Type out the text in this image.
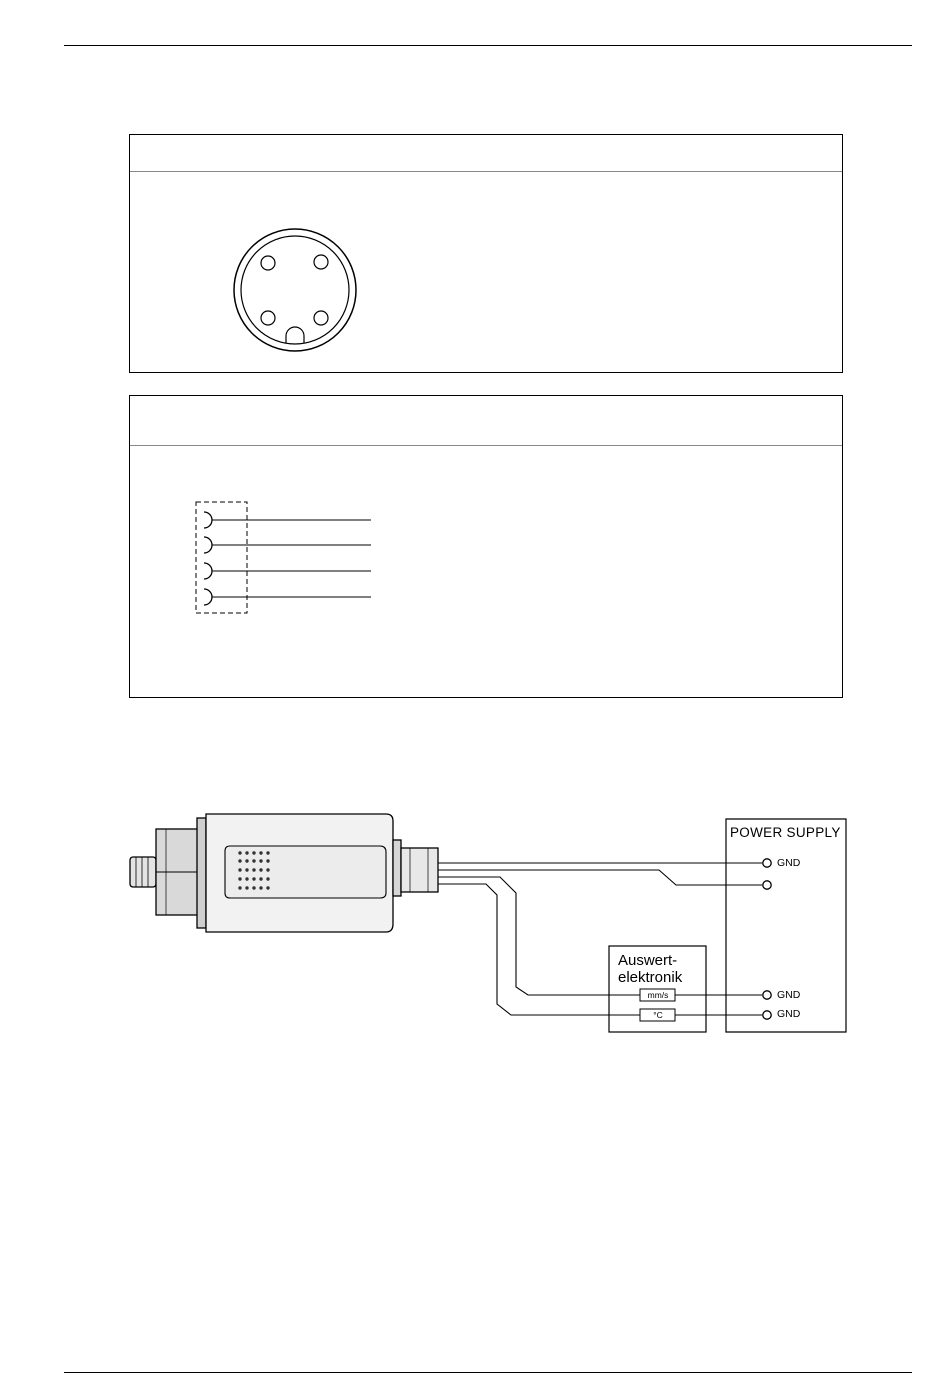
POWER SUPPLY
GND
GND
GND
Auswert-
elektronik
mm/s
°C
